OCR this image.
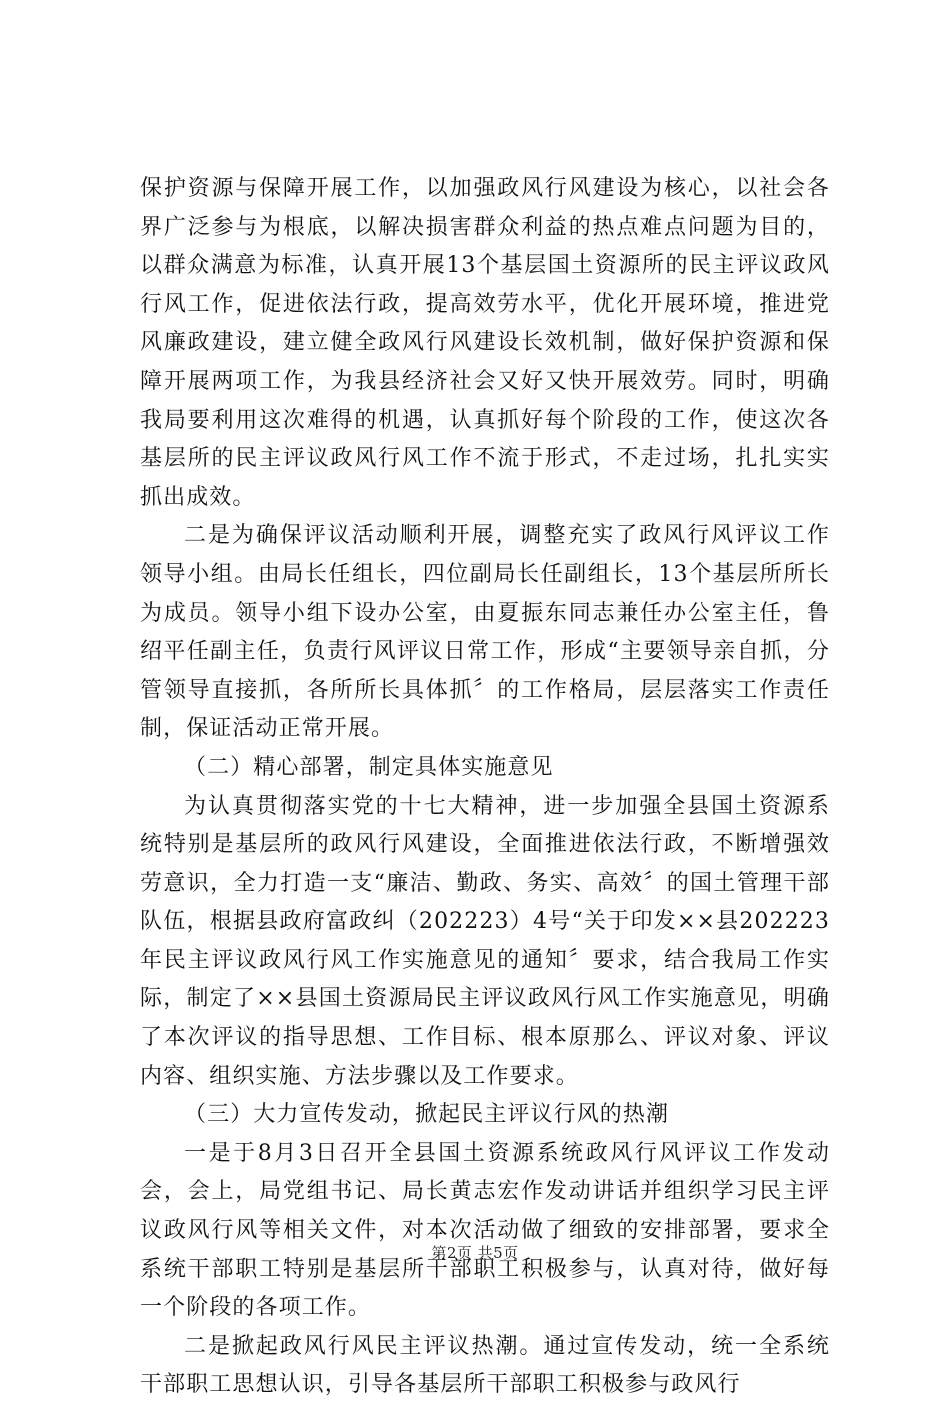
保护资源与保障开展工作，以加强政风行风建设为核心，以社会各界广泛参与为根底，以解决损害群众利益的热点难点问题为目的，以群众满意为标准，认真开展13个基层国土资源所的民主评议政风行风工作，促进依法行政，提高效劳水平，优化开展环境，推进党风廉政建设，建立健全政风行风建设长效机制，做好保护资源和保障开展两项工作，为我县经济社会又好又快开展效劳。同时，明确我局要利用这次难得的机遇，认真抓好每个阶段的工作，使这次各基层所的民主评议政风行风工作不流于形式，不走过场，扎扎实实抓出成效。

二是为确保评议活动顺利开展，调整充实了政风行风评议工作领导小组。由局长任组长，四位副局长任副组长，13个基层所所长为成员。领导小组下设办公室，由夏振东同志兼任办公室主任，鲁绍平任副主任，负责行风评议日常工作，形成“主要领导亲自抓，分管领导直接抓，各所所长具体抓〞的工作格局，层层落实工作责任制，保证活动正常开展。

（二）精心部署，制定具体实施意见

为认真贯彻落实党的十七大精神，进一步加强全县国土资源系统特别是基层所的政风行风建设，全面推进依法行政，不断增强效劳意识，全力打造一支“廉洁、勤政、务实、高效〞的国土管理干部队伍，根据县政府富政纠（202223）4号“关于印发××县202223年民主评议政风行风工作实施意见的通知〞要求，结合我局工作实际，制定了××县国土资源局民主评议政风行风工作实施意见，明确了本次评议的指导思想、工作目标、根本原那么、评议对象、评议内容、组织实施、方法步骤以及工作要求。

（三）大力宣传发动，掀起民主评议行风的热潮

一是于8月3日召开全县国土资源系统政风行风评议工作发动会，会上，局党组书记、局长黄志宏作发动讲话并组织学习民主评议政风行风等相关文件，对本次活动做了细致的安排部署，要求全系统干部职工特别是基层所干部职工积极参与，认真对待，做好每一个阶段的各项工作。

二是掀起政风行风民主评议热潮。通过宣传发动，统一全系统干部职工思想认识，引导各基层所干部职工积极参与政风行

第2页 共5页
